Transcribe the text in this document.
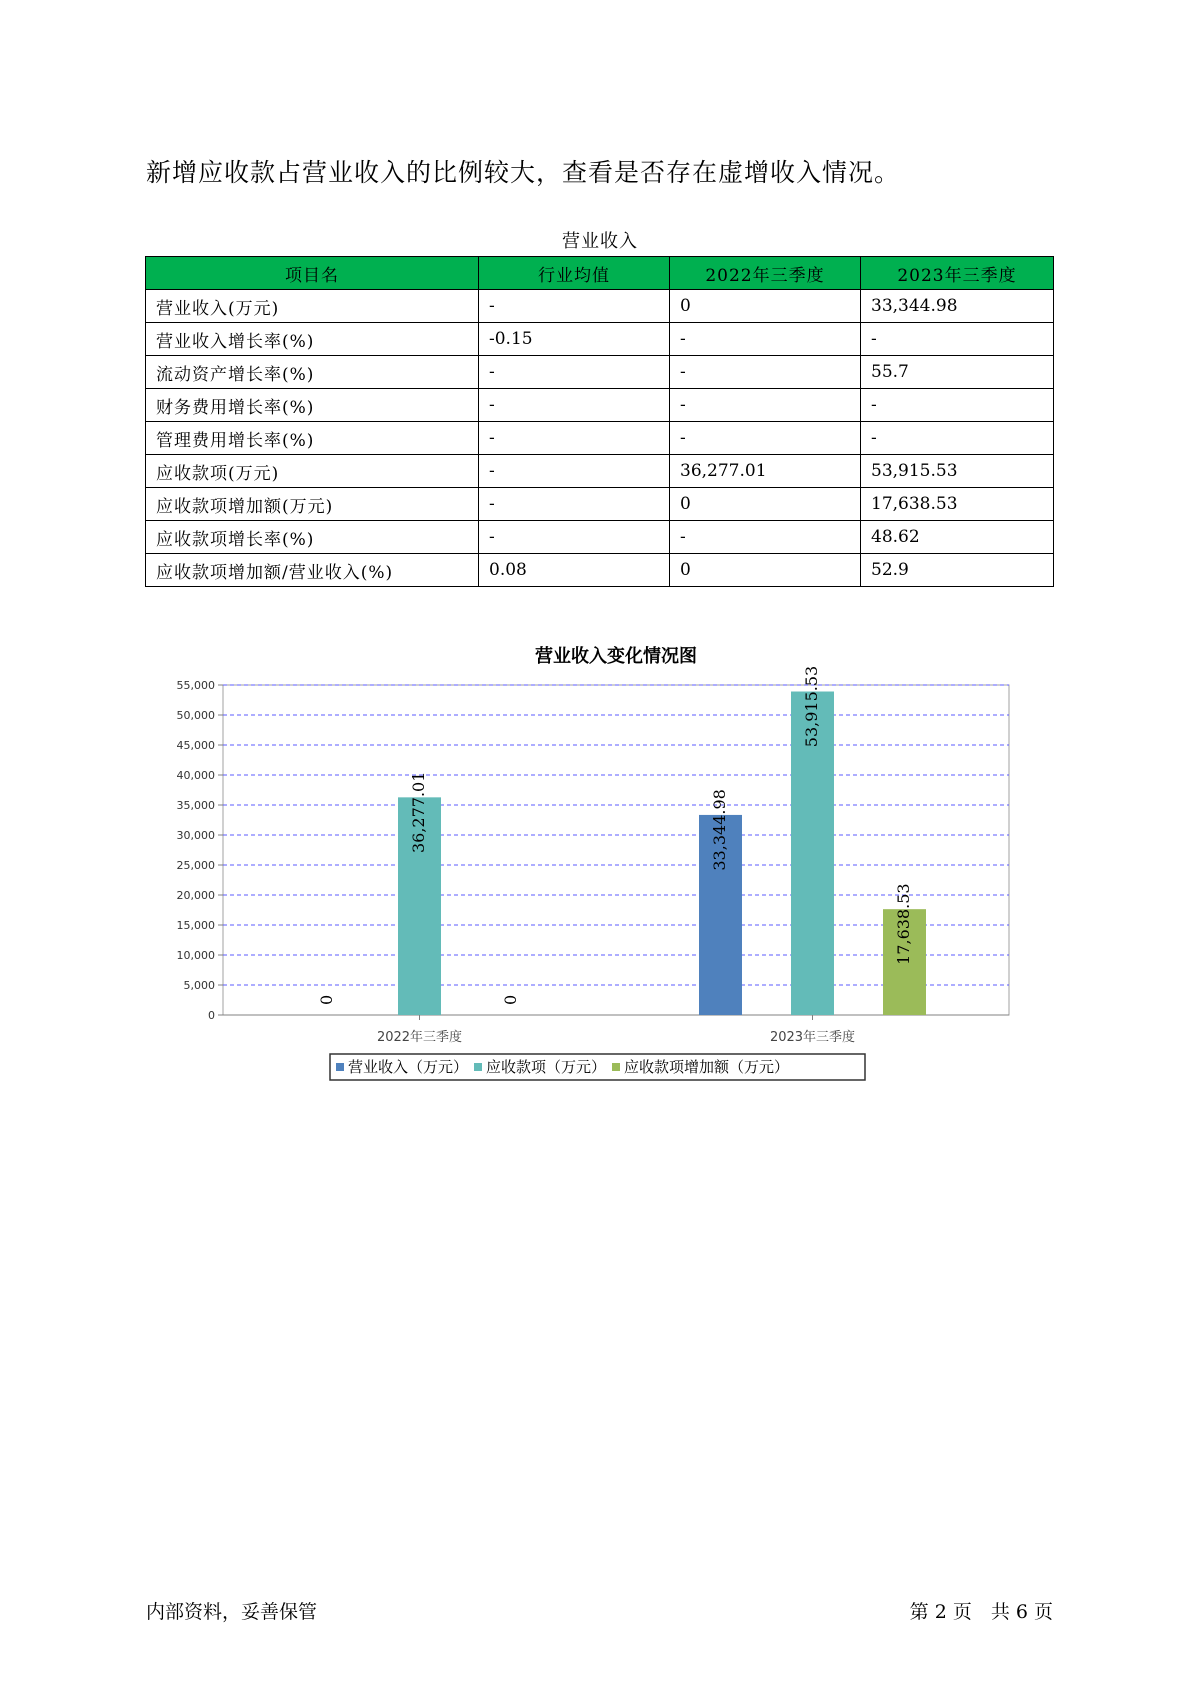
新增应收款占营业收入的比例较大，查看是否存在虚增收入情况。
营业收入
项目名	行业均值	2022年三季度	2023年三季度
营业收入(万元)	-	0	33,344.98
营业收入增长率(%)	-0.15	-	-
流动资产增长率(%)	-	-	55.7
财务费用增长率(%)	-	-	-
管理费用增长率(%)	-	-	-
应收款项(万元)	-	36,277.01	53,915.53
应收款项增加额(万元)	-	0	17,638.53
应收款项增长率(%)	-	-	48.62
应收款项增加额/营业收入(%)	0.08	0	52.9
营业收入变化情况图
0
5,000
10,000
15,000
20,000
25,000
30,000
35,000
40,000
45,000
50,000
55,000
2022年三季度
0
36,277.01
0
2023年三季度
33,344.98
53,915.53
17,638.53
营业收入（万元） 应收款项（万元） 应收款项增加额（万元）
内部资料，妥善保管	第 2 页　共 6 页
